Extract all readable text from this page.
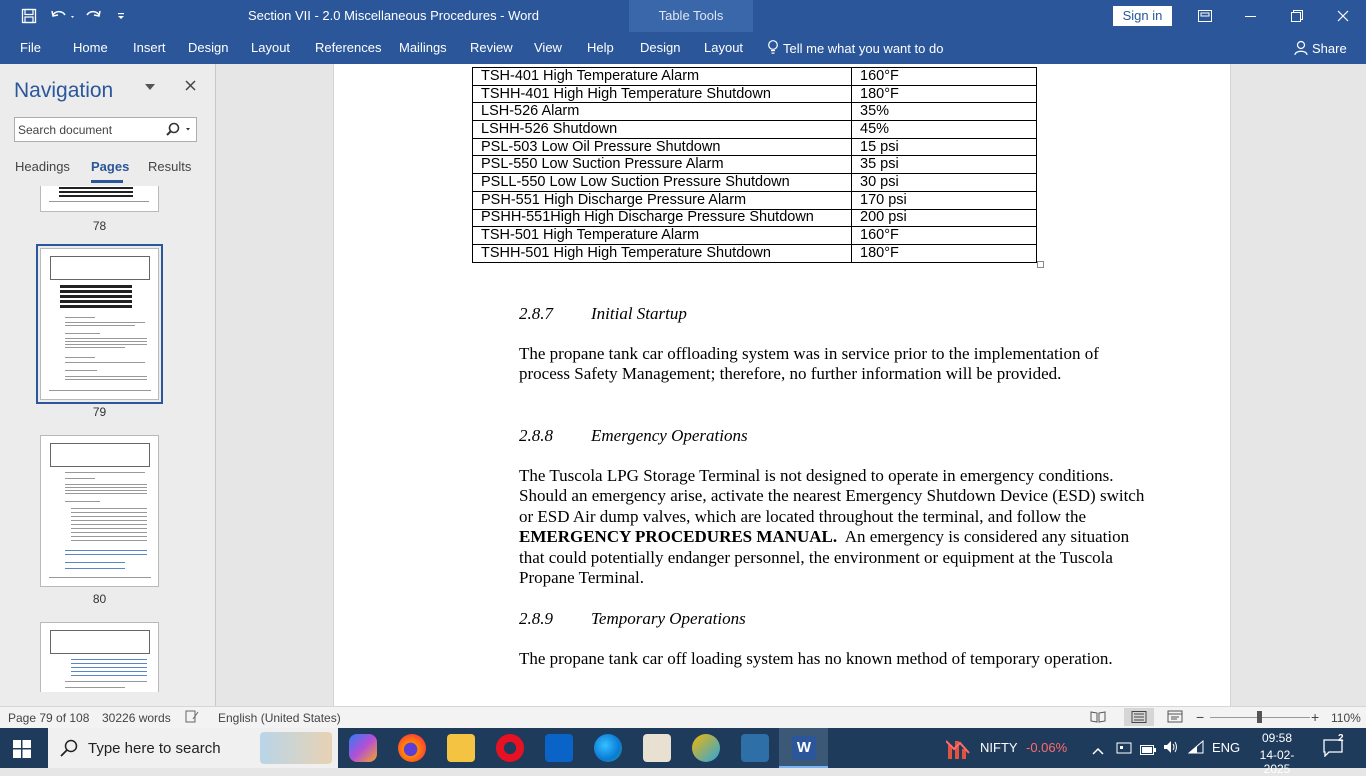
Section VII - 2.0 Miscellaneous Procedures - Word	Table Tools	Sign in
File Home Insert Design Layout References Mailings Review View Help Design Layout	Tell me what you want to do	Share
Navigation
Search document
Headings Pages Results
78
79
80
TSH-401 High Temperature Alarm	160°F
TSHH-401 High High Temperature Shutdown	180°F
LSH-526 Alarm	35%
LSHH-526 Shutdown	45%
PSL-503 Low Oil Pressure Shutdown	15 psi
PSL-550 Low Suction Pressure Alarm	35 psi
PSLL-550 Low Low Suction Pressure Shutdown	30 psi
PSH-551 High Discharge Pressure Alarm	170 psi
PSHH-551High High Discharge Pressure Shutdown	200 psi
TSH-501 High Temperature Alarm	160°F
TSHH-501 High High Temperature Shutdown	180°F
2.8.7 Initial Startup
The propane tank car offloading system was in service prior to the implementation of process Safety Management; therefore, no further information will be provided.
2.8.8 Emergency Operations
The Tuscola LPG Storage Terminal is not designed to operate in emergency conditions. Should an emergency arise, activate the nearest Emergency Shutdown Device (ESD) switch or ESD Air dump valves, which are located throughout the terminal, and follow the EMERGENCY PROCEDURES MANUAL.  An emergency is considered any situation that could potentially endanger personnel, the environment or equipment at the Tuscola Propane Terminal.
2.8.9 Temporary Operations
The propane tank car off loading system has no known method of temporary operation.
Page 79 of 108 30226 words	English (United States)	−	+ 110%
Type here to search	W	NIFTY -0.06%	ENG
09:58
14-02-2025
2
